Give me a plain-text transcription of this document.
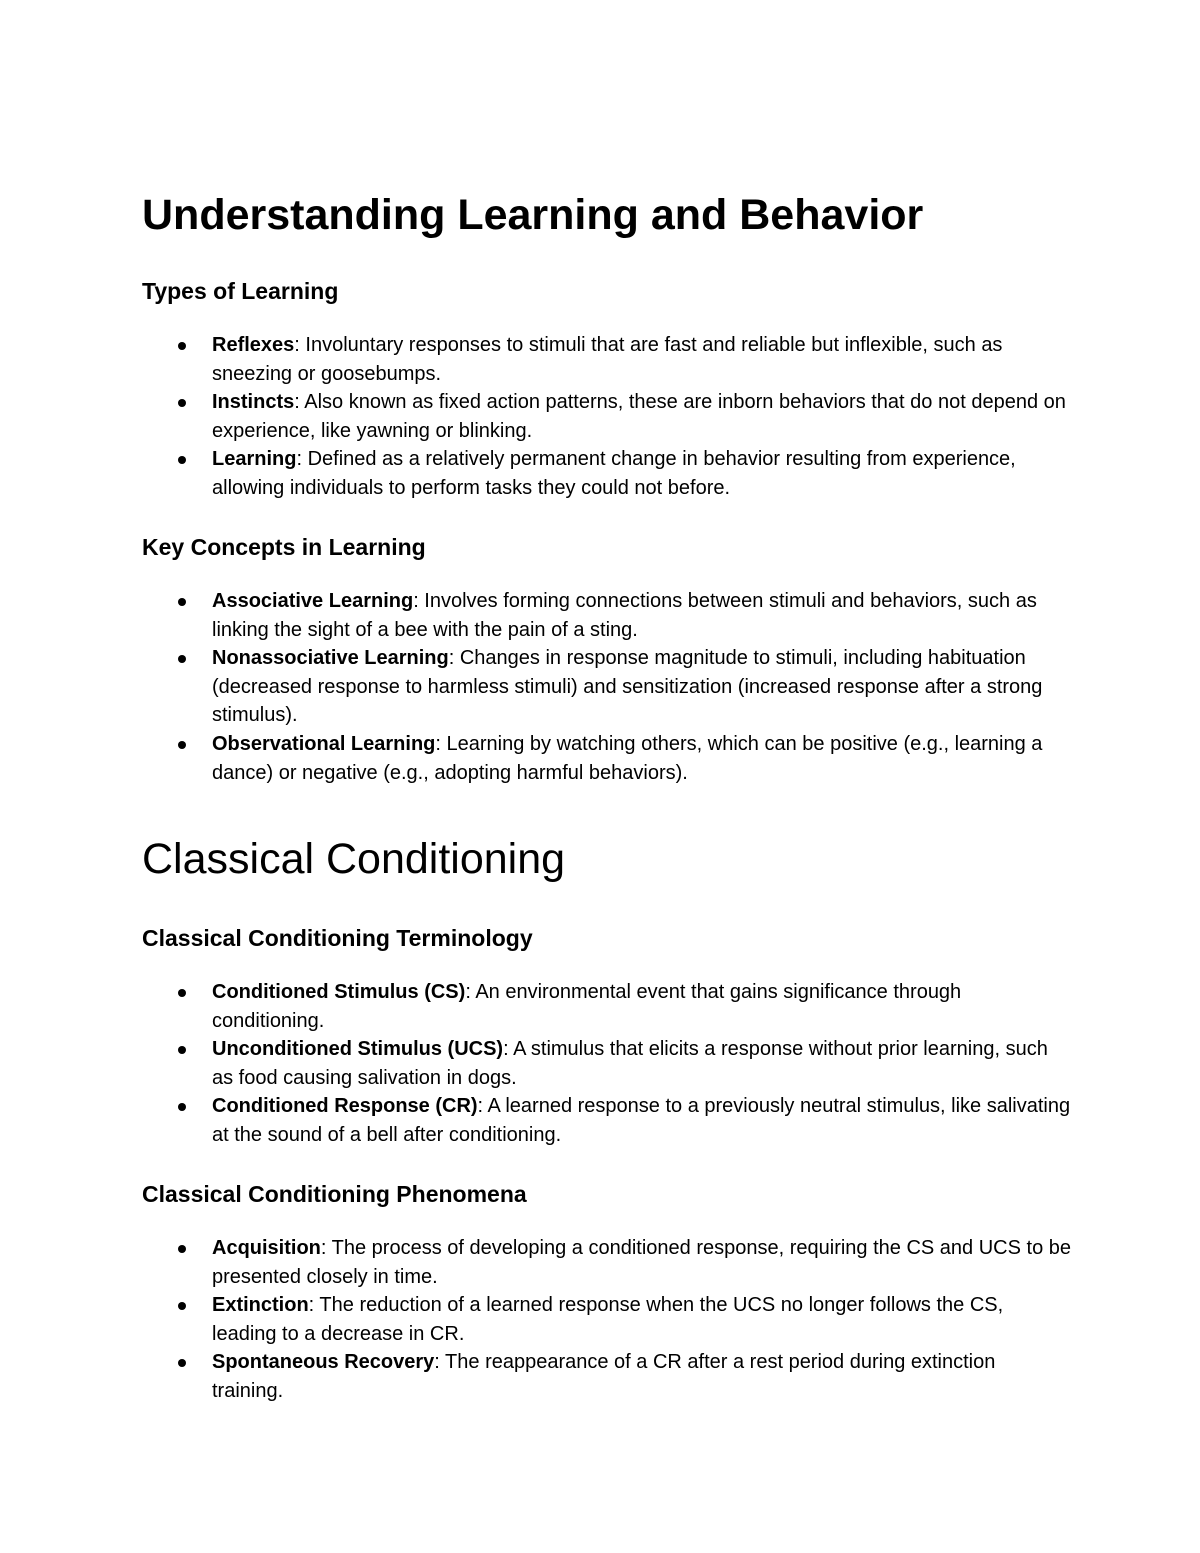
Understanding Learning and Behavior
Types of Learning
Reflexes: Involuntary responses to stimuli that are fast and reliable but inflexible, such as sneezing or goosebumps.
Instincts: Also known as fixed action patterns, these are inborn behaviors that do not depend on experience, like yawning or blinking.
Learning: Defined as a relatively permanent change in behavior resulting from experience, allowing individuals to perform tasks they could not before.
Key Concepts in Learning
Associative Learning: Involves forming connections between stimuli and behaviors, such as linking the sight of a bee with the pain of a sting.
Nonassociative Learning: Changes in response magnitude to stimuli, including habituation (decreased response to harmless stimuli) and sensitization (increased response after a strong stimulus).
Observational Learning: Learning by watching others, which can be positive (e.g., learning a dance) or negative (e.g., adopting harmful behaviors).
Classical Conditioning
Classical Conditioning Terminology
Conditioned Stimulus (CS): An environmental event that gains significance through conditioning.
Unconditioned Stimulus (UCS): A stimulus that elicits a response without prior learning, such as food causing salivation in dogs.
Conditioned Response (CR): A learned response to a previously neutral stimulus, like salivating at the sound of a bell after conditioning.
Classical Conditioning Phenomena
Acquisition: The process of developing a conditioned response, requiring the CS and UCS to be presented closely in time.
Extinction: The reduction of a learned response when the UCS no longer follows the CS, leading to a decrease in CR.
Spontaneous Recovery: The reappearance of a CR after a rest period during extinction training.
